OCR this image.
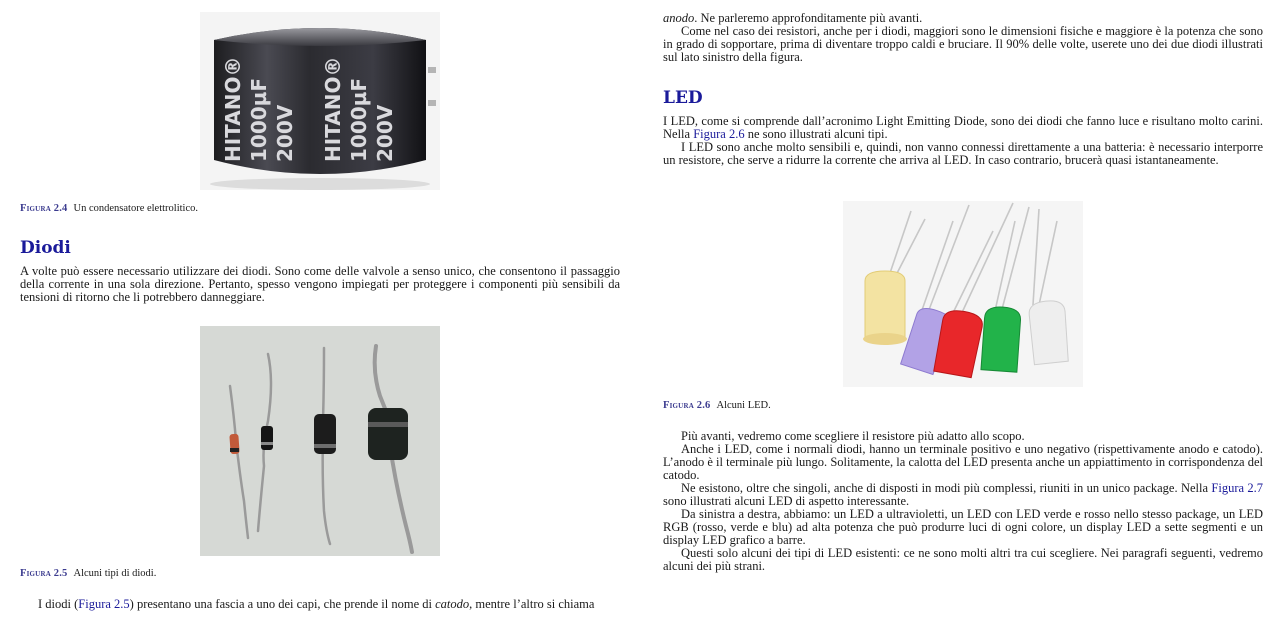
HITANO® 1000µF 200V HITANO® 1000µF 200V
Figura 2.4 Un condensatore elettrolitico.
Diodi

A volte può essere necessario utilizzare dei diodi. Sono come delle valvole a senso unico, che consentono il passaggio della corrente in una sola direzione. Pertanto, spesso vengono impiegati per proteggere i componenti più sensibili da tensioni di ritorno che li potrebbero danneggiare.

Figura 2.5 Alcuni tipi di diodi.

I diodi (Figura 2.5) presentano una fascia a uno dei capi, che prende il nome di catodo, mentre l’altro si chiama

anodo. Ne parleremo approfonditamente più avanti.

Come nel caso dei resistori, anche per i diodi, maggiori sono le dimensioni fisiche e maggiore è la potenza che sono in grado di sopportare, prima di diventare troppo caldi e bruciare. Il 90% delle volte, userete uno dei due diodi illustrati sul lato sinistro della figura.

LED

I LED, come si comprende dall’acronimo Light Emitting Diode, sono dei diodi che fanno luce e risultano molto carini. Nella Figura 2.6 ne sono illustrati alcuni tipi.

I LED sono anche molto sensibili e, quindi, non vanno connessi direttamente a una batteria: è necessario interporre un resistore, che serve a ridurre la corrente che arriva al LED. In caso contrario, brucerà quasi istantaneamente.

Figura 2.6 Alcuni LED.

Più avanti, vedremo come scegliere il resistore più adatto allo scopo.

Anche i LED, come i normali diodi, hanno un terminale positivo e uno negativo (rispettivamente anodo e catodo). L’anodo è il terminale più lungo. Solitamente, la calotta del LED presenta anche un appiattimento in corrispondenza del catodo.

Ne esistono, oltre che singoli, anche di disposti in modi più complessi, riuniti in un unico package. Nella Figura 2.7 sono illustrati alcuni LED di aspetto interessante.

Da sinistra a destra, abbiamo: un LED a ultravioletti, un LED con LED verde e rosso nello stesso package, un LED RGB (rosso, verde e blu) ad alta potenza che può produrre luci di ogni colore, un display LED a sette segmenti e un display LED grafico a barre.

Questi solo alcuni dei tipi di LED esistenti: ce ne sono molti altri tra cui scegliere. Nei paragrafi seguenti, vedremo alcuni dei più strani.
